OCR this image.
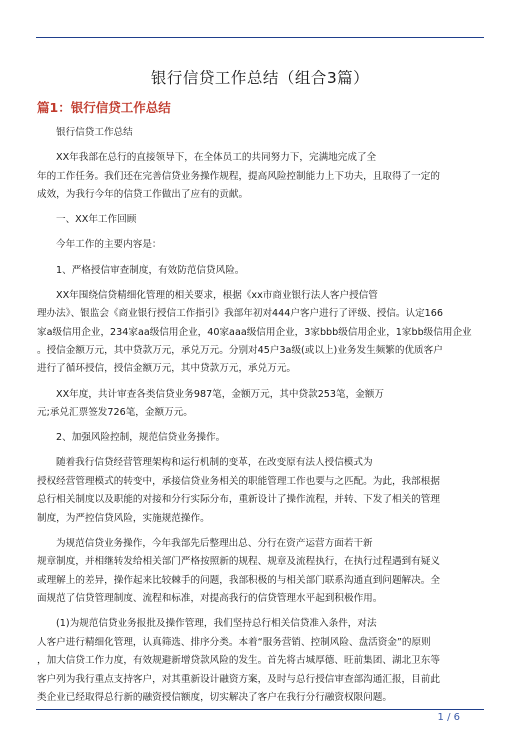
银行信贷工作总结（组合3篇）
篇1：银行信贷工作总结

银行信贷工作总结

XX年我部在总行的直接领导下，在全体员工的共同努力下，完满地完成了全
年的工作任务。我们还在完善信贷业务操作规程，提高风险控制能力上下功夫，且取得了一定的
成效，为我行今年的信贷工作做出了应有的贡献。

一、XX年工作回顾

今年工作的主要内容是：

1、严格授信审查制度，有效防范信贷风险。

XX年围绕信贷精细化管理的相关要求，根据《xx市商业银行法人客户授信管
理办法》、银监会《商业银行授信工作指引》我部年初对444户客户进行了评级、授信。认定166
家a级信用企业，234家aa级信用企业，40家aaa级信用企业，3家bbb级信用企业，1家bb级信用企业
。授信金额万元，其中贷款万元，承兑万元。分别对45户3a级(或以上)业务发生频繁的优质客户
进行了循环授信，授信金额万元，其中贷款万元，承兑万元。

XX年度，共计审查各类信贷业务987笔，金额万元，其中贷款253笔，金额万
元;承兑汇票签发726笔，金额万元。

2、加强风险控制，规范信贷业务操作。

随着我行信贷经营管理架构和运行机制的变革，在改变原有法人授信模式为
授权经营管理模式的转变中，承接信贷业务相关的职能管理工作也要与之匹配。为此，我部根据
总行相关制度以及职能的对接和分行实际分布，重新设计了操作流程，并转、下发了相关的管理
制度，为严控信贷风险，实施规范操作。

为规范信贷业务操作，今年我部先后整理出总、分行在资产运营方面若干新
规章制度，并相继转发给相关部门严格按照新的规程、规章及流程执行，在执行过程遇到有疑义
或理解上的差异，操作起来比较棘手的问题，我部积极的与相关部门联系沟通直到问题解决。全
面规范了信贷管理制度、流程和标准，对提高我行的信贷管理水平起到积极作用。

(1)为规范信贷业务报批及操作管理，我们坚持总行相关信贷准入条件，对法
人客户进行精细化管理，认真筛选、排序分类。本着“服务营销、控制风险、盘活资金”的原则
，加大信贷工作力度，有效规避新增贷款风险的发生。首先将古城厚德、旺前集团、湖北卫东等
客户列为我行重点支持客户，对其重新设计融资方案，及时与总行授信审查部沟通汇报，目前此
类企业已经取得总行新的融资授信额度，切实解决了客户在我行分行融资权限问题。

1 / 6
